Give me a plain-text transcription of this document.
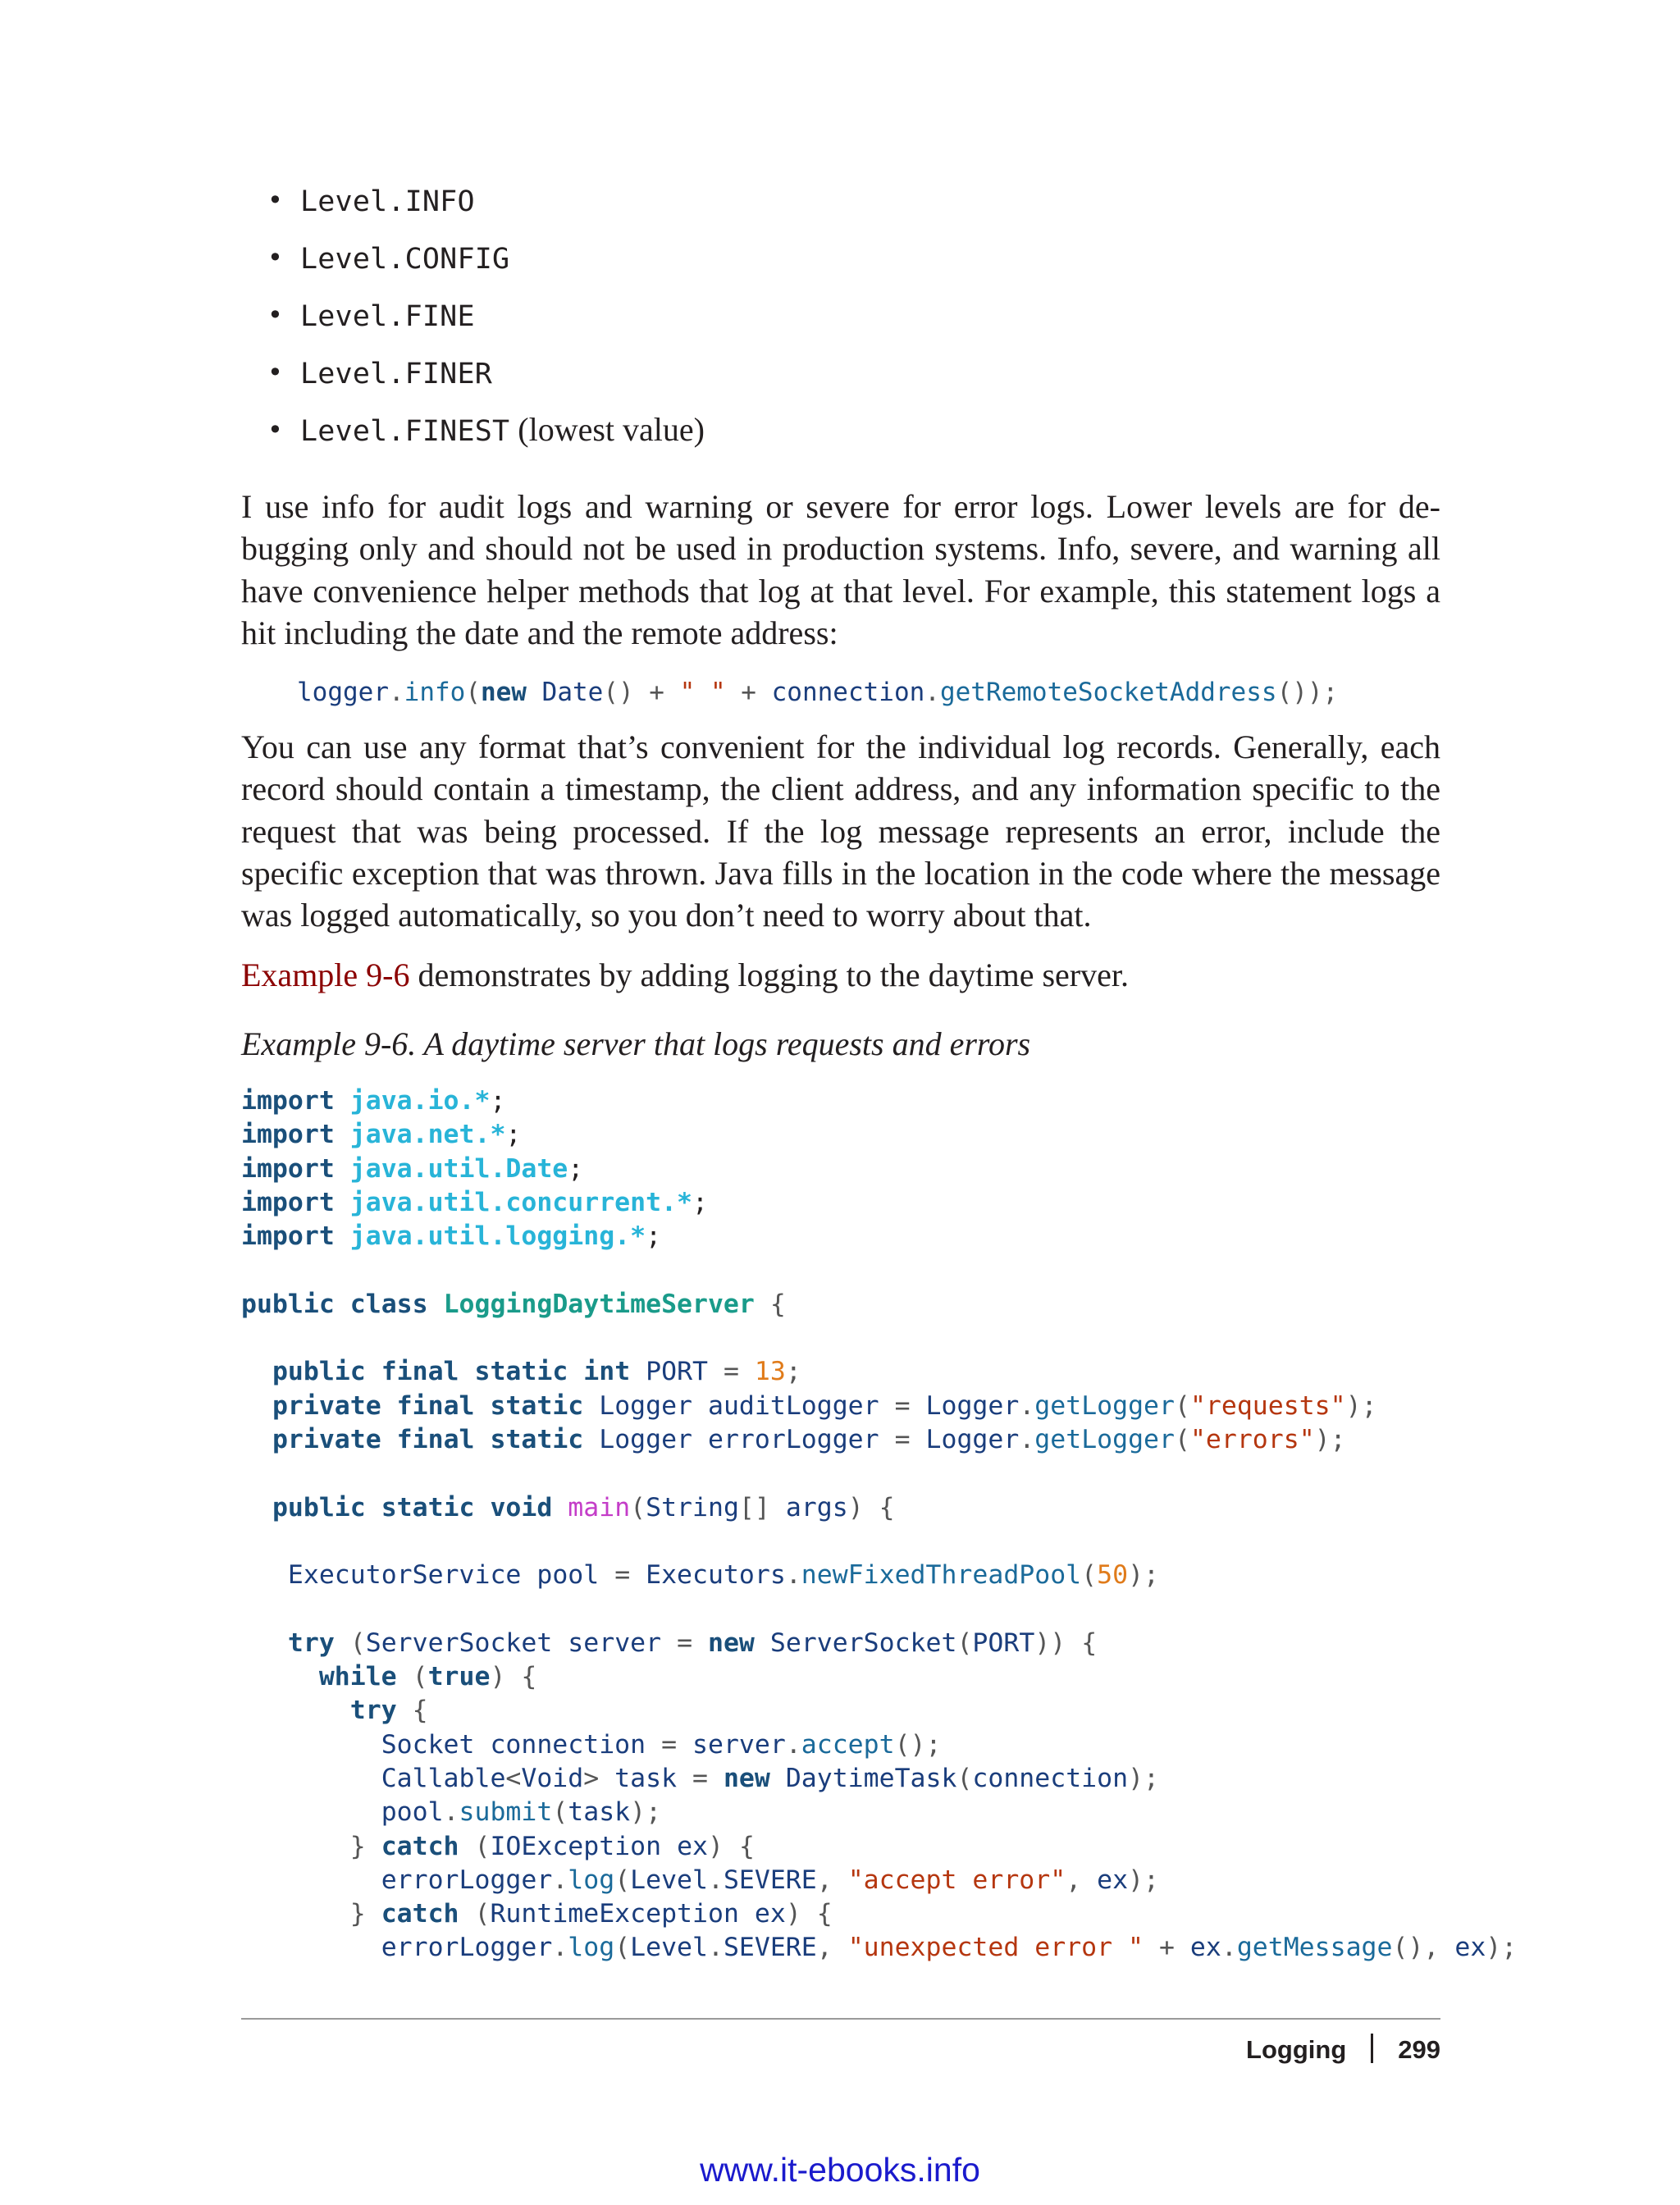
• Level.INFO
• Level.CONFIG
• Level.FINE
• Level.FINER
• Level.FINEST (lowest value)

I use info for audit logs and warning or severe for error logs. Lower levels are for debugging only and should not be used in production systems. Info, severe, and warning all have convenience helper methods that log at that level. For example, this statement logs a hit including the date and the remote address:

logger.info(new Date() + " " + connection.getRemoteSocketAddress());

You can use any format that’s convenient for the individual log records. Generally, each record should contain a timestamp, the client address, and any information specific to the request that was being processed. If the log message represents an error, include the specific exception that was thrown. Java fills in the location in the code where the message was logged automatically, so you don’t need to worry about that.

Example 9-6 demonstrates by adding logging to the daytime server.

Example 9-6. A daytime server that logs requests and errors

import java.io.*;
import java.net.*;
import java.util.Date;
import java.util.concurrent.*;
import java.util.logging.*;
public class LoggingDaytimeServer {
public final static int PORT = 13;
private final static Logger auditLogger = Logger.getLogger("requests");
private final static Logger errorLogger = Logger.getLogger("errors");
public static void main(String[] args) {
ExecutorService pool = Executors.newFixedThreadPool(50);
try (ServerSocket server = new ServerSocket(PORT)) {
while (true) {
try {
Socket connection = server.accept();
Callable<Void> task = new DaytimeTask(connection);
pool.submit(task);
} catch (IOException ex) {
errorLogger.log(Level.SEVERE, "accept error", ex);
} catch (RuntimeException ex) {
errorLogger.log(Level.SEVERE, "unexpected error " + ex.getMessage(), ex);
Logging 299
www.it-ebooks.info
